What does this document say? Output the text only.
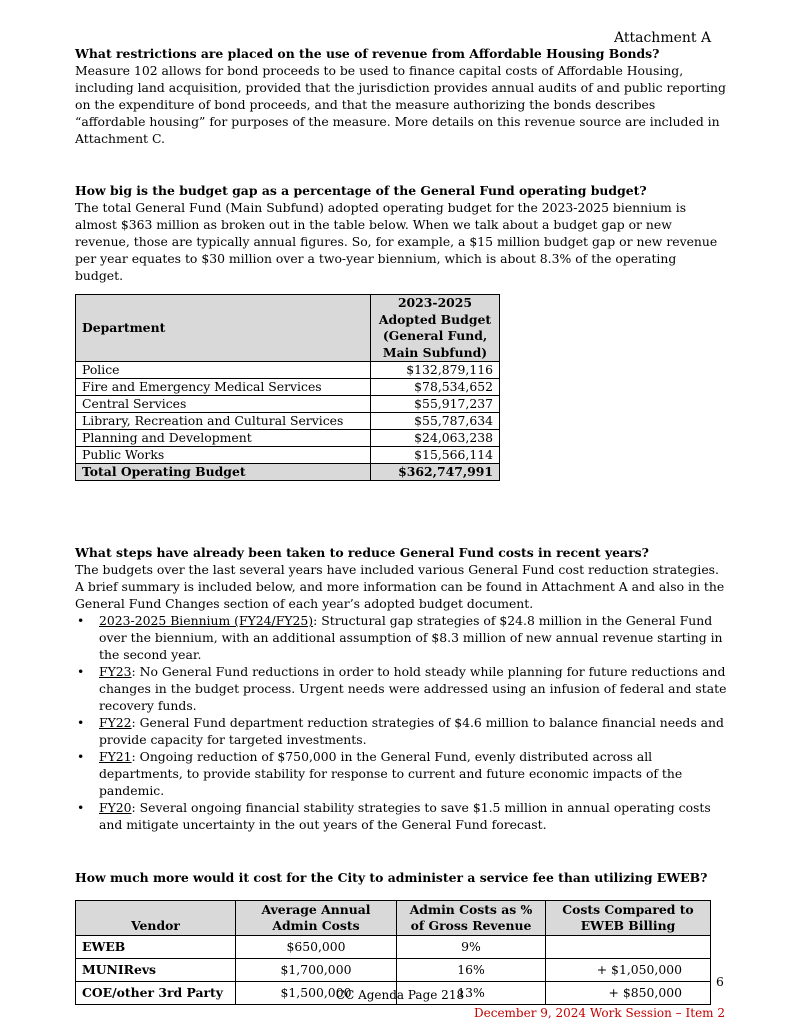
Attachment A

What restrictions are placed on the use of revenue from Affordable Housing Bonds?

Measure 102 allows for bond proceeds to be used to finance capital costs of Affordable Housing, including land acquisition, provided that the jurisdiction provides annual audits of and public reporting on the expenditure of bond proceeds, and that the measure authorizing the bonds describes “affordable housing” for purposes of the measure. More details on this revenue source are included in Attachment C.

How big is the budget gap as a percentage of the General Fund operating budget?

The total General Fund (Main Subfund) adopted operating budget for the 2023-2025 biennium is almost $363 million as broken out in the table below. When we talk about a budget gap or new revenue, those are typically annual figures. So, for example, a $15 million budget gap or new revenue per year equates to $30 million over a two-year biennium, which is about 8.3% of the operating budget.

Department	2023-2025 Adopted Budget (General Fund, Main Subfund)
Police	$132,879,116
Fire and Emergency Medical Services	$78,534,652
Central Services	$55,917,237
Library, Recreation and Cultural Services	$55,787,634
Planning and Development	$24,063,238
Public Works	$15,566,114
Total Operating Budget	$362,747,991

What steps have already been taken to reduce General Fund costs in recent years?

The budgets over the last several years have included various General Fund cost reduction strategies. A brief summary is included below, and more information can be found in Attachment A and also in the General Fund Changes section of each year’s adopted budget document.

• 2023-2025 Biennium (FY24/FY25): Structural gap strategies of $24.8 million in the General Fund over the biennium, with an additional assumption of $8.3 million of new annual revenue starting in the second year.
• FY23: No General Fund reductions in order to hold steady while planning for future reductions and changes in the budget process. Urgent needs were addressed using an infusion of federal and state recovery funds.
• FY22: General Fund department reduction strategies of $4.6 million to balance financial needs and provide capacity for targeted investments.
• FY21: Ongoing reduction of $750,000 in the General Fund, evenly distributed across all departments, to provide stability for response to current and future economic impacts of the pandemic.
• FY20: Several ongoing financial stability strategies to save $1.5 million in annual operating costs and mitigate uncertainty in the out years of the General Fund forecast.

How much more would it cost for the City to administer a service fee than utilizing EWEB?

Vendor	Average Annual Admin Costs	Admin Costs as % of Gross Revenue	Costs Compared to EWEB Billing
EWEB	$650,000	9%	
MUNIRevs	$1,700,000	16%	+ $1,050,000
COE/other 3rd Party	$1,500,000	13%	+ $850,000
6
CC Agenda Page 218
December 9, 2024 Work Session – Item 2
